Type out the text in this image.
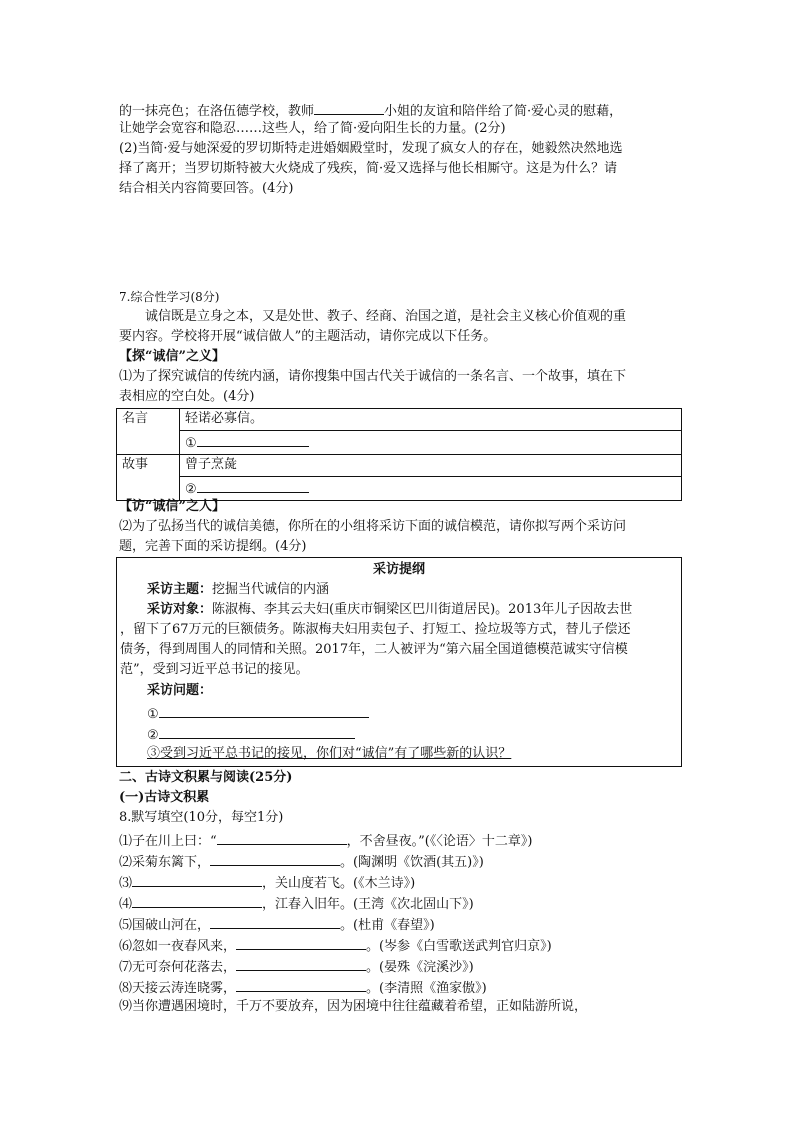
的一抹亮色；在洛伍德学校，教师	小姐的友谊和陪伴给了简·爱心灵的慰藉，
让她学会宽容和隐忍……这些人，给了简·爱向阳生长的力量。(2分)
(2)当简·爱与她深爱的罗切斯特走进婚姻殿堂时，发现了疯女人的存在，她毅然决然地选
择了离开；当罗切斯特被大火烧成了残疾，简·爱又选择与他长相厮守。这是为什么？请
结合相关内容简要回答。(4分)
7.综合性学习(8分)
诚信既是立身之本，又是处世、教子、经商、治国之道，是社会主义核心价值观的重
要内容。学校将开展“诚信做人”的主题活动，请你完成以下任务。
【探“诚信”之义】
⑴为了探究诚信的传统内涵，请你搜集中国古代关于诚信的一条名言、一个故事，填在下
表相应的空白处。(4分)
名言	轻诺必寡信。
	①
故事	曾子烹彘
	②
【访“诚信”之人】
⑵为了弘扬当代的诚信美德，你所在的小组将采访下面的诚信模范，请你拟写两个采访问
题，完善下面的采访提纲。(4分)
采访提纲
采访主题：挖掘当代诚信的内涵
采访对象：陈淑梅、李其云夫妇(重庆市铜梁区巴川街道居民)。2013年儿子因故去世
，留下了67万元的巨额债务。陈淑梅夫妇用卖包子、打短工、捡垃圾等方式，替儿子偿还
债务，得到周围人的同情和关照。2017年，二人被评为“第六届全国道德模范诚实守信模
范”，受到习近平总书记的接见。
采访问题：
①
②
③受到习近平总书记的接见，你们对“诚信”有了哪些新的认识？
二、古诗文积累与阅读(25分)
(一)古诗文积累
8.默写填空(10分，每空1分)
⑴子在川上曰：“	，不舍昼夜。”(《〈论语〉十二章》)
⑵采菊东篱下，	。(陶渊明《饮酒(其五)》)
⑶	，关山度若飞。(《木兰诗》)
⑷	，江春入旧年。(王湾《次北固山下》)
⑸国破山河在，	。(杜甫《春望》)
⑹忽如一夜春风来，	。(岑参《白雪歌送武判官归京》)
⑺无可奈何花落去，	。(晏殊《浣溪沙》)
⑻天接云涛连晓雾，	。(李清照《渔家傲》)
⑼当你遭遇困境时，千万不要放弃，因为困境中往往蕴藏着希望，正如陆游所说，
